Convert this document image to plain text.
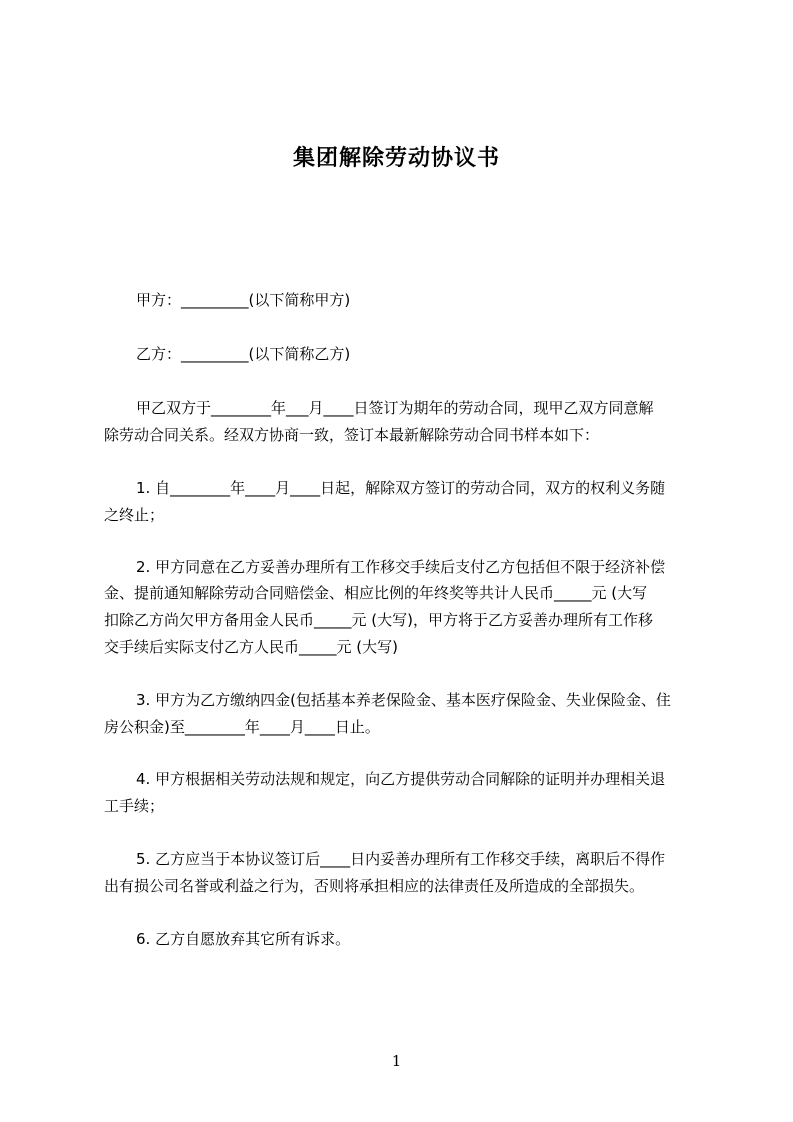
集团解除劳动协议书
甲方：_________(以下简称甲方)
乙方：_________(以下简称乙方)
甲乙双方于________年___月____日签订为期年的劳动合同，现甲乙双方同意解
除劳动合同关系。经双方协商一致，签订本最新解除劳动合同书样本如下：
1. 自________年____月____日起，解除双方签订的劳动合同，双方的权利义务随
之终止；
2. 甲方同意在乙方妥善办理所有工作移交手续后支付乙方包括但不限于经济补偿
金、提前通知解除劳动合同赔偿金、相应比例的年终奖等共计人民币_____元 (大写
扣除乙方尚欠甲方备用金人民币_____元 (大写)，甲方将于乙方妥善办理所有工作移
交手续后实际支付乙方人民币_____元 (大写)
3. 甲方为乙方缴纳四金(包括基本养老保险金、基本医疗保险金、失业保险金、住
房公积金)至________年____月____日止。
4. 甲方根据相关劳动法规和规定，向乙方提供劳动合同解除的证明并办理相关退
工手续；
5. 乙方应当于本协议签订后____日内妥善办理所有工作移交手续，离职后不得作
出有损公司名誉或利益之行为，否则将承担相应的法律责任及所造成的全部损失。
6. 乙方自愿放弃其它所有诉求。
1
